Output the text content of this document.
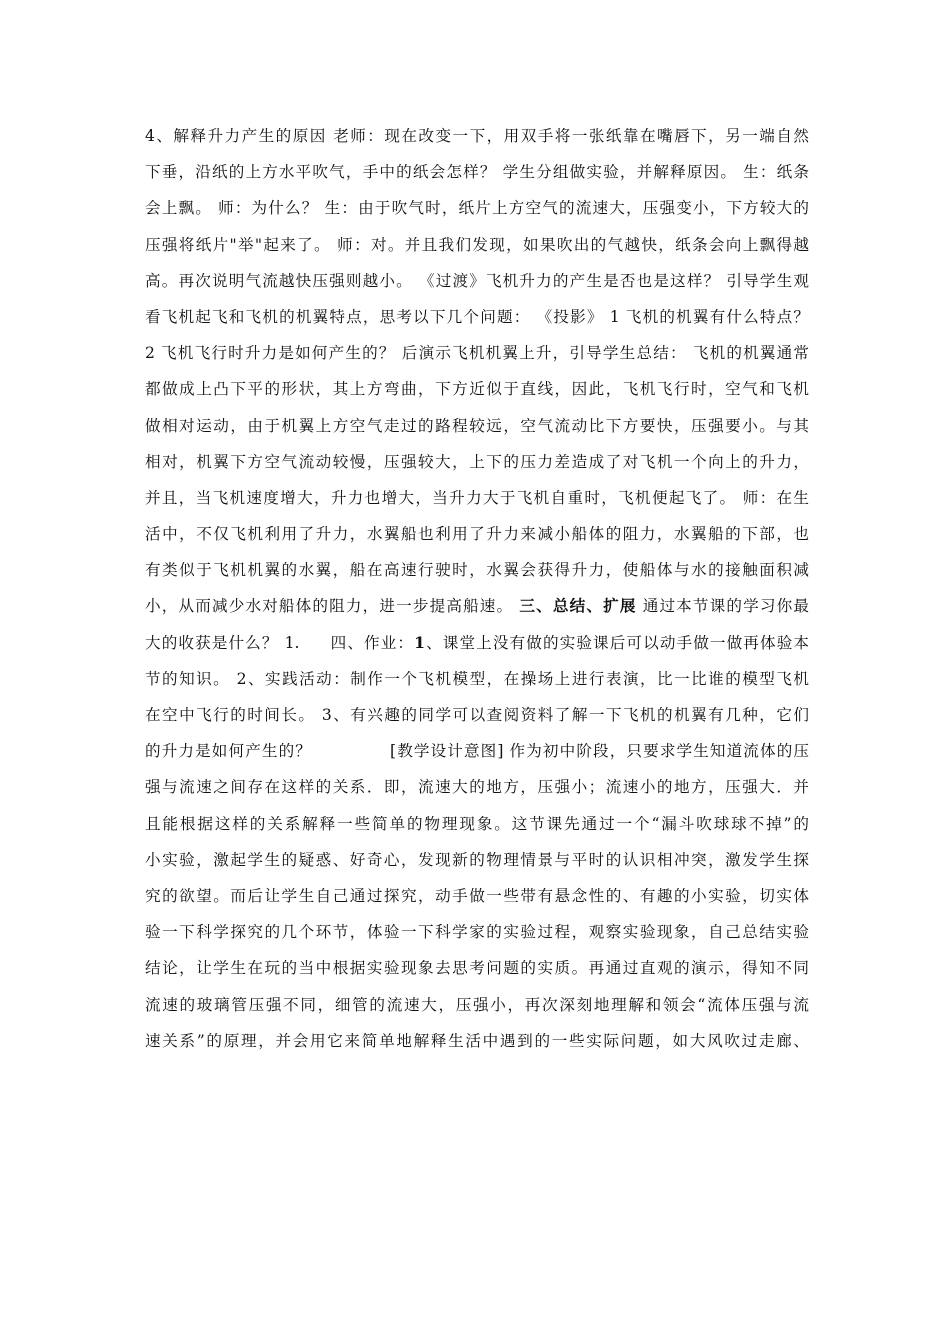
4、解释升力产生的原因 老师：现在改变一下，用双手将一张纸靠在嘴唇下，另一端自然
下垂，沿纸的上方水平吹气，手中的纸会怎样？ 学生分组做实验，并解释原因。 生：纸条
会上飘。 师：为什么？ 生：由于吹气时，纸片上方空气的流速大，压强变小，下方较大的
压强将纸片"举"起来了。 师：对。并且我们发现，如果吹出的气越快，纸条会向上飘得越
高。再次说明气流越快压强则越小。 《过渡》飞机升力的产生是否也是这样？ 引导学生观
看飞机起飞和飞机的机翼特点，思考以下几个问题： 《投影》 1 飞机的机翼有什么特点？
2 飞机飞行时升力是如何产生的？ 后演示飞机机翼上升，引导学生总结： 飞机的机翼通常
都做成上凸下平的形状，其上方弯曲，下方近似于直线，因此，飞机飞行时，空气和飞机
做相对运动，由于机翼上方空气走过的路程较远，空气流动比下方要快，压强要小。与其
相对，机翼下方空气流动较慢，压强较大，上下的压力差造成了对飞机一个向上的升力，
并且，当飞机速度增大，升力也增大，当升力大于飞机自重时，飞机便起飞了。 师：在生
活中，不仅飞机利用了升力，水翼船也利用了升力来减小船体的阻力，水翼船的下部，也
有类似于飞机机翼的水翼，船在高速行驶时，水翼会获得升力，使船体与水的接触面积减
小，从而减少水对船体的阻力，进一步提高船速。 三、总结、扩展 通过本节课的学习你最
大的收获是什么？ 1. 四、作业：1、课堂上没有做的实验课后可以动手做一做再体验本
节的知识。 2、实践活动：制作一个飞机模型，在操场上进行表演，比一比谁的模型飞机
在空中飞行的时间长。 3、有兴趣的同学可以查阅资料了解一下飞机的机翼有几种，它们
的升力是如何产生的？	[教学设计意图] 作为初中阶段，只要求学生知道流体的压
强与流速之间存在这样的关系．即，流速大的地方，压强小；流速小的地方，压强大．并
且能根据这样的关系解释一些简单的物理现象。这节课先通过一个“漏斗吹球球不掉”的
小实验，激起学生的疑惑、好奇心，发现新的物理情景与平时的认识相冲突，激发学生探
究的欲望。而后让学生自己通过探究，动手做一些带有悬念性的、有趣的小实验，切实体
验一下科学探究的几个环节，体验一下科学家的实验过程，观察实验现象，自己总结实验
结论，让学生在玩的当中根据实验现象去思考问题的实质。再通过直观的演示，得知不同
流速的玻璃管压强不同，细管的流速大，压强小，再次深刻地理解和领会“流体压强与流
速关系”的原理，并会用它来简单地解释生活中遇到的一些实际问题，如大风吹过走廊、
